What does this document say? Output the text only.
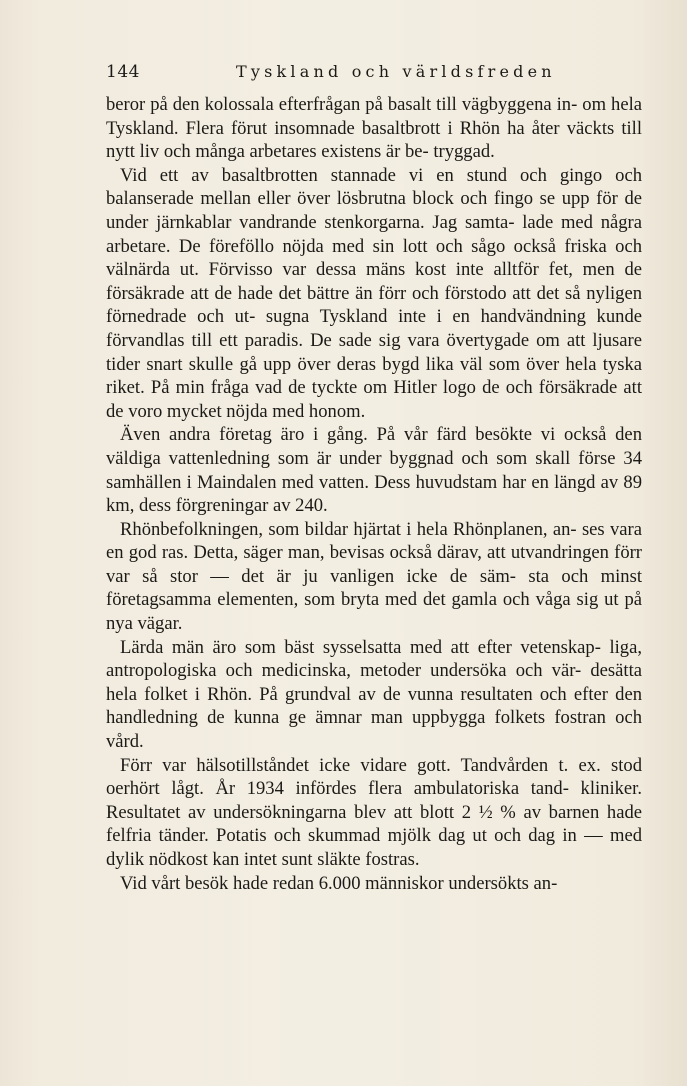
144	Tyskland och världsfreden

beror på den kolossala efterfrågan på basalt till vägbyggena in- om hela Tyskland. Flera förut insomnade basaltbrott i Rhön ha åter väckts till nytt liv och många arbetares existens är be- tryggad.

Vid ett av basaltbrotten stannade vi en stund och gingo och balanserade mellan eller över lösbrutna block och fingo se upp för de under järnkablar vandrande stenkorgarna. Jag samta- lade med några arbetare. De föreföllo nöjda med sin lott och sågo också friska och välnärda ut. Förvisso var dessa mäns kost inte alltför fet, men de försäkrade att de hade det bättre än förr och förstodo att det så nyligen förnedrade och ut- sugna Tyskland inte i en handvändning kunde förvandlas till ett paradis. De sade sig vara övertygade om att ljusare tider snart skulle gå upp över deras bygd lika väl som över hela tyska riket. På min fråga vad de tyckte om Hitler logo de och försäkrade att de voro mycket nöjda med honom.

Även andra företag äro i gång. På vår färd besökte vi också den väldiga vattenledning som är under byggnad och som skall förse 34 samhällen i Maindalen med vatten. Dess huvudstam har en längd av 89 km, dess förgreningar av 240.

Rhönbefolkningen, som bildar hjärtat i hela Rhönplanen, an- ses vara en god ras. Detta, säger man, bevisas också därav, att utvandringen förr var så stor — det är ju vanligen icke de säm- sta och minst företagsamma elementen, som bryta med det gamla och våga sig ut på nya vägar.

Lärda män äro som bäst sysselsatta med att efter vetenskap- liga, antropologiska och medicinska, metoder undersöka och vär- desätta hela folket i Rhön. På grundval av de vunna resultaten och efter den handledning de kunna ge ämnar man uppbygga folkets fostran och vård.

Förr var hälsotillståndet icke vidare gott. Tandvården t. ex. stod oerhört lågt. År 1934 infördes flera ambulatoriska tand- kliniker. Resultatet av undersökningarna blev att blott 2 ½ % av barnen hade felfria tänder. Potatis och skummad mjölk dag ut och dag in — med dylik nödkost kan intet sunt släkte fostras.

Vid vårt besök hade redan 6.000 människor undersökts an-
